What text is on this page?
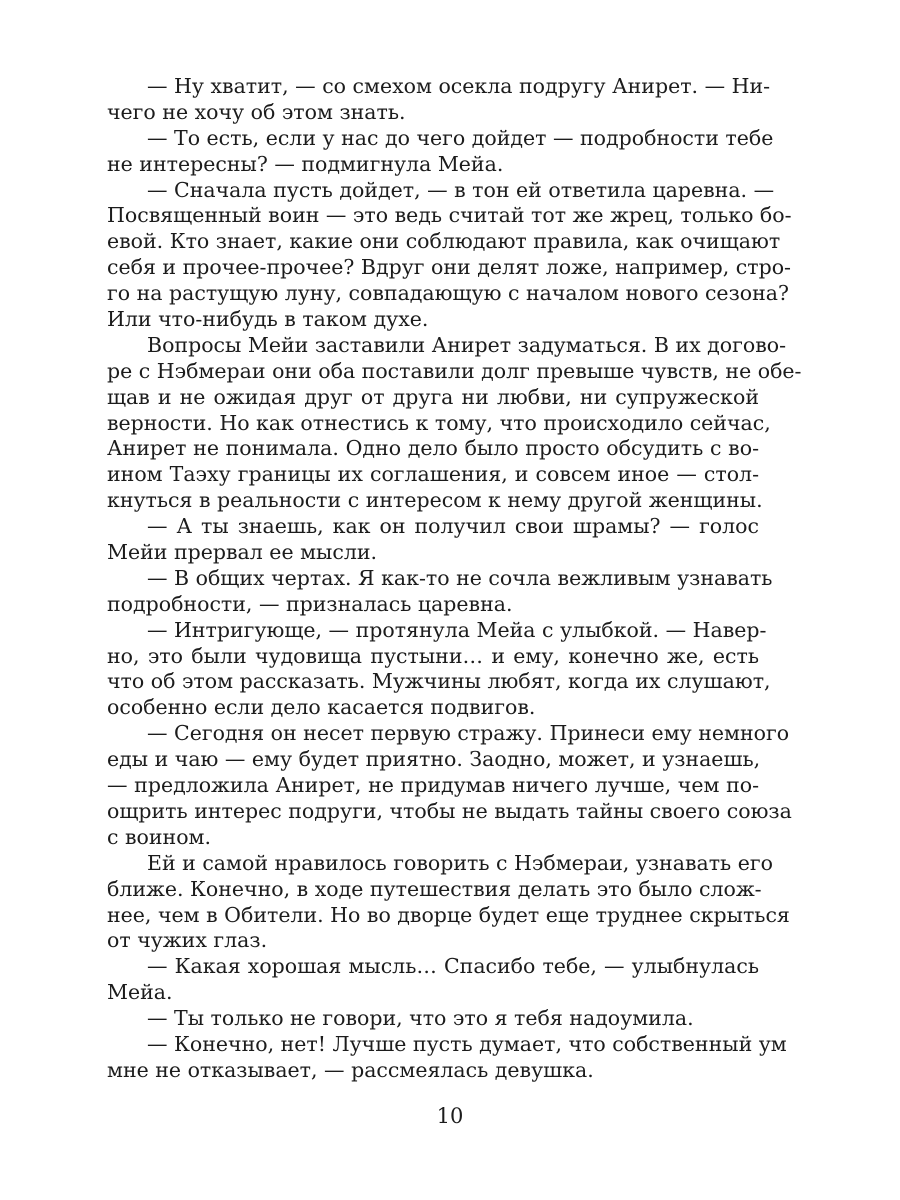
— Ну хватит, — со смехом осекла подругу Анирет. — Ни-
чего не хочу об этом знать.
— То есть, если у нас до чего дойдет — подробности тебе
не интересны? — подмигнула Мейа.
— Сначала пусть дойдет, — в тон ей ответила царевна. —
Посвященный воин — это ведь считай тот же жрец, только бо-
евой. Кто знает, какие они соблюдают правила, как очищают
себя и прочее-прочее? Вдруг они делят ложе, например, стро-
го на растущую луну, совпадающую с началом нового сезона?
Или что-нибудь в таком духе.
Вопросы Мейи заставили Анирет задуматься. В их догово-
ре с Нэбмераи они оба поставили долг превыше чувств, не обе-
щав и не ожидая друг от друга ни любви, ни супружеской
верности. Но как отнестись к тому, что происходило сейчас,
Анирет не понимала. Одно дело было просто обсудить с во-
ином Таэху границы их соглашения, и совсем иное — стол-
кнуться в реальности с интересом к нему другой женщины.
— А ты знаешь, как он получил свои шрамы? — голос
Мейи прервал ее мысли.
— В общих чертах. Я как-то не сочла вежливым узнавать
подробности, — призналась царевна.
— Интригующе, — протянула Мейа с улыбкой. — Навер-
но, это были чудовища пустыни… и ему, конечно же, есть
что об этом рассказать. Мужчины любят, когда их слушают,
особенно если дело касается подвигов.
— Сегодня он несет первую стражу. Принеси ему немного
еды и чаю — ему будет приятно. Заодно, может, и узнаешь,
— предложила Анирет, не придумав ничего лучше, чем по-
ощрить интерес подруги, чтобы не выдать тайны своего союза
с воином.
Ей и самой нравилось говорить с Нэбмераи, узнавать его
ближе. Конечно, в ходе путешествия делать это было слож-
нее, чем в Обители. Но во дворце будет еще труднее скрыться
от чужих глаз.
— Какая хорошая мысль… Спасибо тебе, — улыбнулась
Мейа.
— Ты только не говори, что это я тебя надоумила.
— Конечно, нет! Лучше пусть думает, что собственный ум
мне не отказывает, — рассмеялась девушка.
10
